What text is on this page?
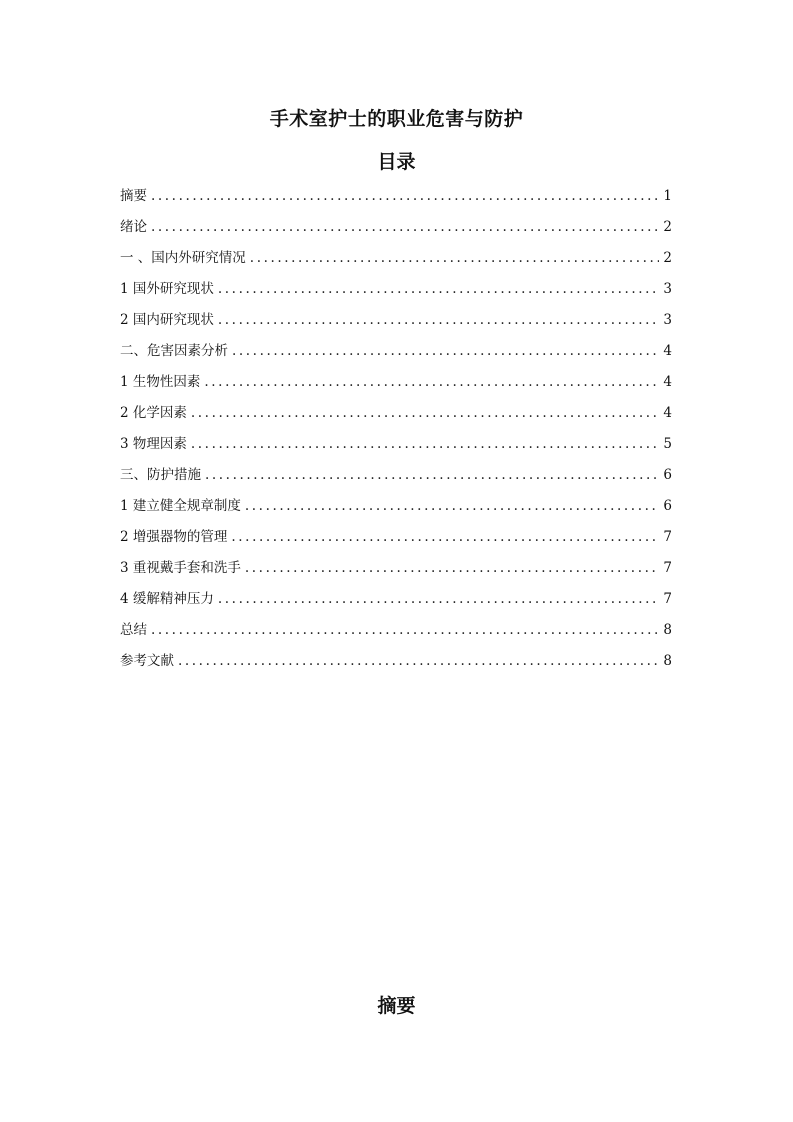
手术室护士的职业危害与防护
目录
摘要 .....	1
绪论 .....	2
一 、国内外研究情况 .....	2
1 国外研究现状 .....	3
2 国内研究现状 .....	3
二、危害因素分析 .....	4
1 生物性因素 .....	4
2 化学因素 .....	4
3 物理因素 .....	5
三、防护措施 .....	6
1 建立健全规章制度 .....	6
2 增强器物的管理 .....	7
3 重视戴手套和洗手 .....	7
4 缓解精神压力 .....	7
总结 .....	8
参考文献 .....	8
摘要
